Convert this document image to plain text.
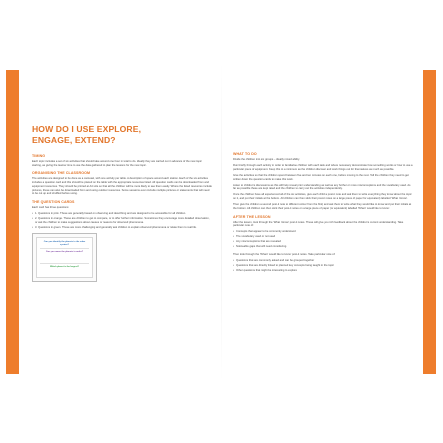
HOW DO I USE EXPLORE,
ENGAGE, EXTEND?
TIMING

Each topic includes a set of six activities that should take around one hour in total to do. Ideally they are carried out in advance of the new topic starting, as giving the learner time to use the data gathered to plan the lessons for the new topic.

ORGANISING THE CLASSROOM

The activities are designed to be done as a carousel, with one activity per table. A description of space around each station. Each of the six activities includes a question card and this should be placed on the table with the appropriate resources listed. All question cards can be downloaded from and equipment resources. They should be printed at A4 size so that all the children will be more likely to see them easily. Where the listed resources include pictures, these can also be downloaded from and using outdoor resources. Some sessions even include multiple pictures or statements that will need to be cut up and shuffled before using.

THE QUESTION CARDS

Each card has three questions:

• 1. Questions in pink. These are generally based on observing and describing and are designed to be accessible for all children.
• 2. Questions in orange. These are children to get to compare, or to offer further information. Sometimes they encourage more detailed observation, or ask the children to make suggestions about causes or reasons for observed phenomena.
• 3. Questions in green. These are more challenging and generally ask children to explain observed phenomena or relate them to real life.
Can you identify the planets in the solar system?
Can you name the planets in order?
Which planet is the largest?
WHAT TO DO

Divide the children into six groups – ideally mixed ability.

Run briefly through each activity in order to familiarise children with each task and where necessary demonstrate how something works or how to use a particular piece of equipment. Keep this to a minimum as the children discover and work things out for themselves as much as possible.

Give the activities so that the children spend between five and ten minutes on each one, before moving to the next. Tell the children they need to get written down the question-cards to make this work.

Listen to children's discussions as this will help reveal prior understanding as well as any further or more misconceptions and the vocabulary used. As far as possible these are kept rated and the children to carry out the activities independently.

Once the children have all experienced all of the six activities, give each child a post-it note and ask them to write everything they know about the topic on it, and put their initials at the bottom. All children can then stick their post-it notes on a large piece of paper for equivalent) labelled 'What I know'.

Then give the children a second post-it note to different colour from the first) and ask them to write what they would like to know and put their initials at the bottom. All children can then stick their post-it notes on a large piece of paper (or equivalent) labelled 'What I would like to know'.

AFTER THE LESSON

After the lesson, look through the 'What I know' post-it notes. These will give you rich feedback about the children's current understanding. Take particular note of:

• Concepts that appear to be commonly understood
• The vocabulary used or not used
• Any misconceptions that are revealed
• Noticeable gaps that will need considering.

Then look through the 'What I would like to know' post-it notes. Take particular note of:

• Questions that are commonly asked and can be grouped together
• Questions that are directly linked to planned key concepts being taught in the topic
• Other questions that might be interesting to explore
